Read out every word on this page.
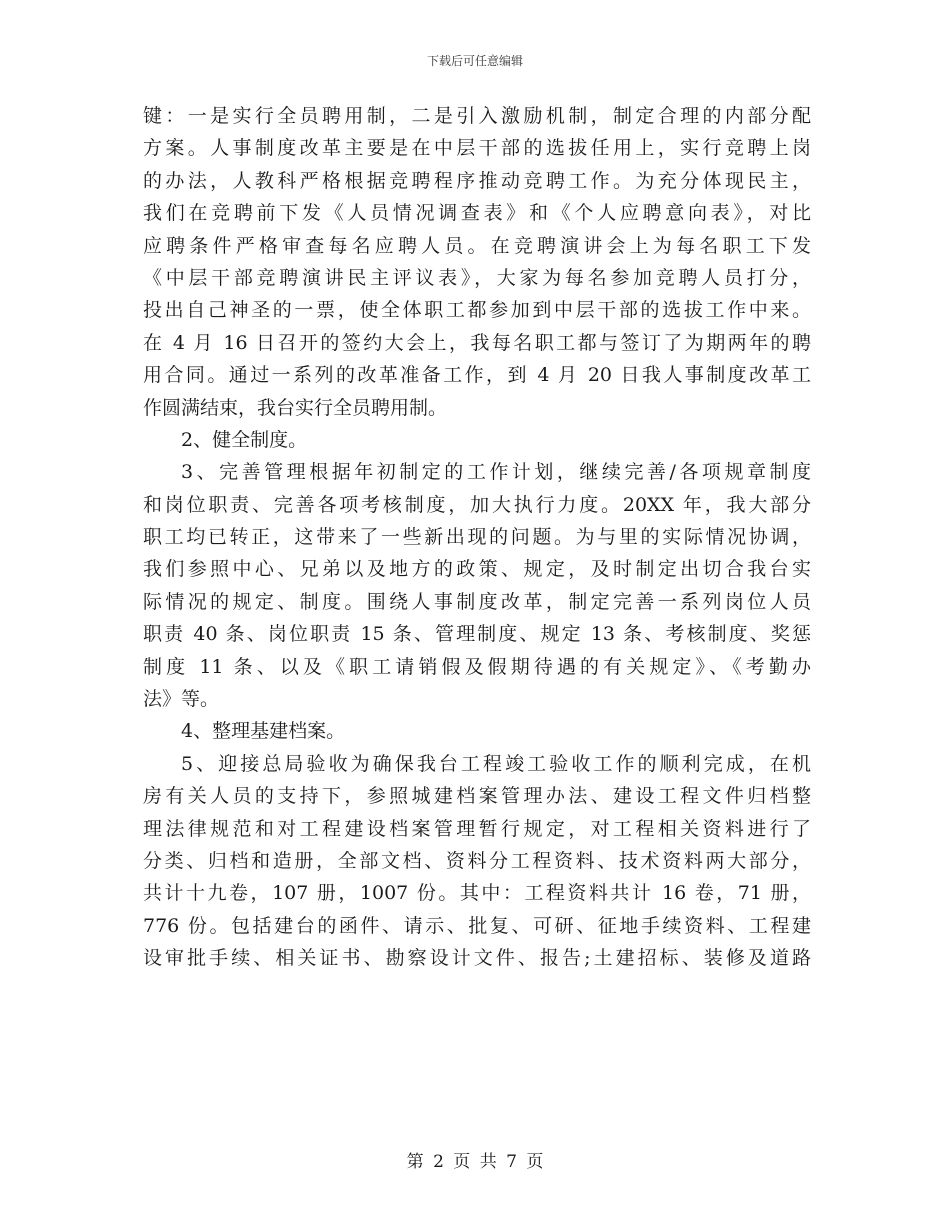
下载后可任意编辑
键：一是实行全员聘用制，二是引入激励机制，制定合理的内部分配
方案。人事制度改革主要是在中层干部的选拔任用上，实行竞聘上岗
的办法，人教科严格根据竞聘程序推动竞聘工作。为充分体现民主，
我们在竞聘前下发《人员情况调查表》和《个人应聘意向表》，对比
应聘条件严格审查每名应聘人员。在竞聘演讲会上为每名职工下发
《中层干部竞聘演讲民主评议表》，大家为每名参加竞聘人员打分，
投出自己神圣的一票，使全体职工都参加到中层干部的选拔工作中来。
在 4 月 16 日召开的签约大会上，我每名职工都与签订了为期两年的聘
用合同。通过一系列的改革准备工作，到 4 月 20 日我人事制度改革工
作圆满结束，我台实行全员聘用制。
2、健全制度。
3、完善管理根据年初制定的工作计划，继续完善/各项规章制度
和岗位职责、完善各项考核制度，加大执行力度。20XX 年，我大部分
职工均已转正，这带来了一些新出现的问题。为与里的实际情况协调，
我们参照中心、兄弟以及地方的政策、规定，及时制定出切合我台实
际情况的规定、制度。围绕人事制度改革，制定完善一系列岗位人员
职责 40 条、岗位职责 15 条、管理制度、规定 13 条、考核制度、奖惩
制度 11 条、以及《职工请销假及假期待遇的有关规定》、《考勤办
法》等。
4、整理基建档案。
5、迎接总局验收为确保我台工程竣工验收工作的顺利完成，在机
房有关人员的支持下，参照城建档案管理办法、建设工程文件归档整
理法律规范和对工程建设档案管理暂行规定，对工程相关资料进行了
分类、归档和造册，全部文档、资料分工程资料、技术资料两大部分，
共计十九卷，107 册，1007 份。其中：工程资料共计 16 卷，71 册，
776 份。包括建台的函件、请示、批复、可研、征地手续资料、工程建
设审批手续、相关证书、勘察设计文件、报告;土建招标、装修及道路
第 2 页 共 7 页
